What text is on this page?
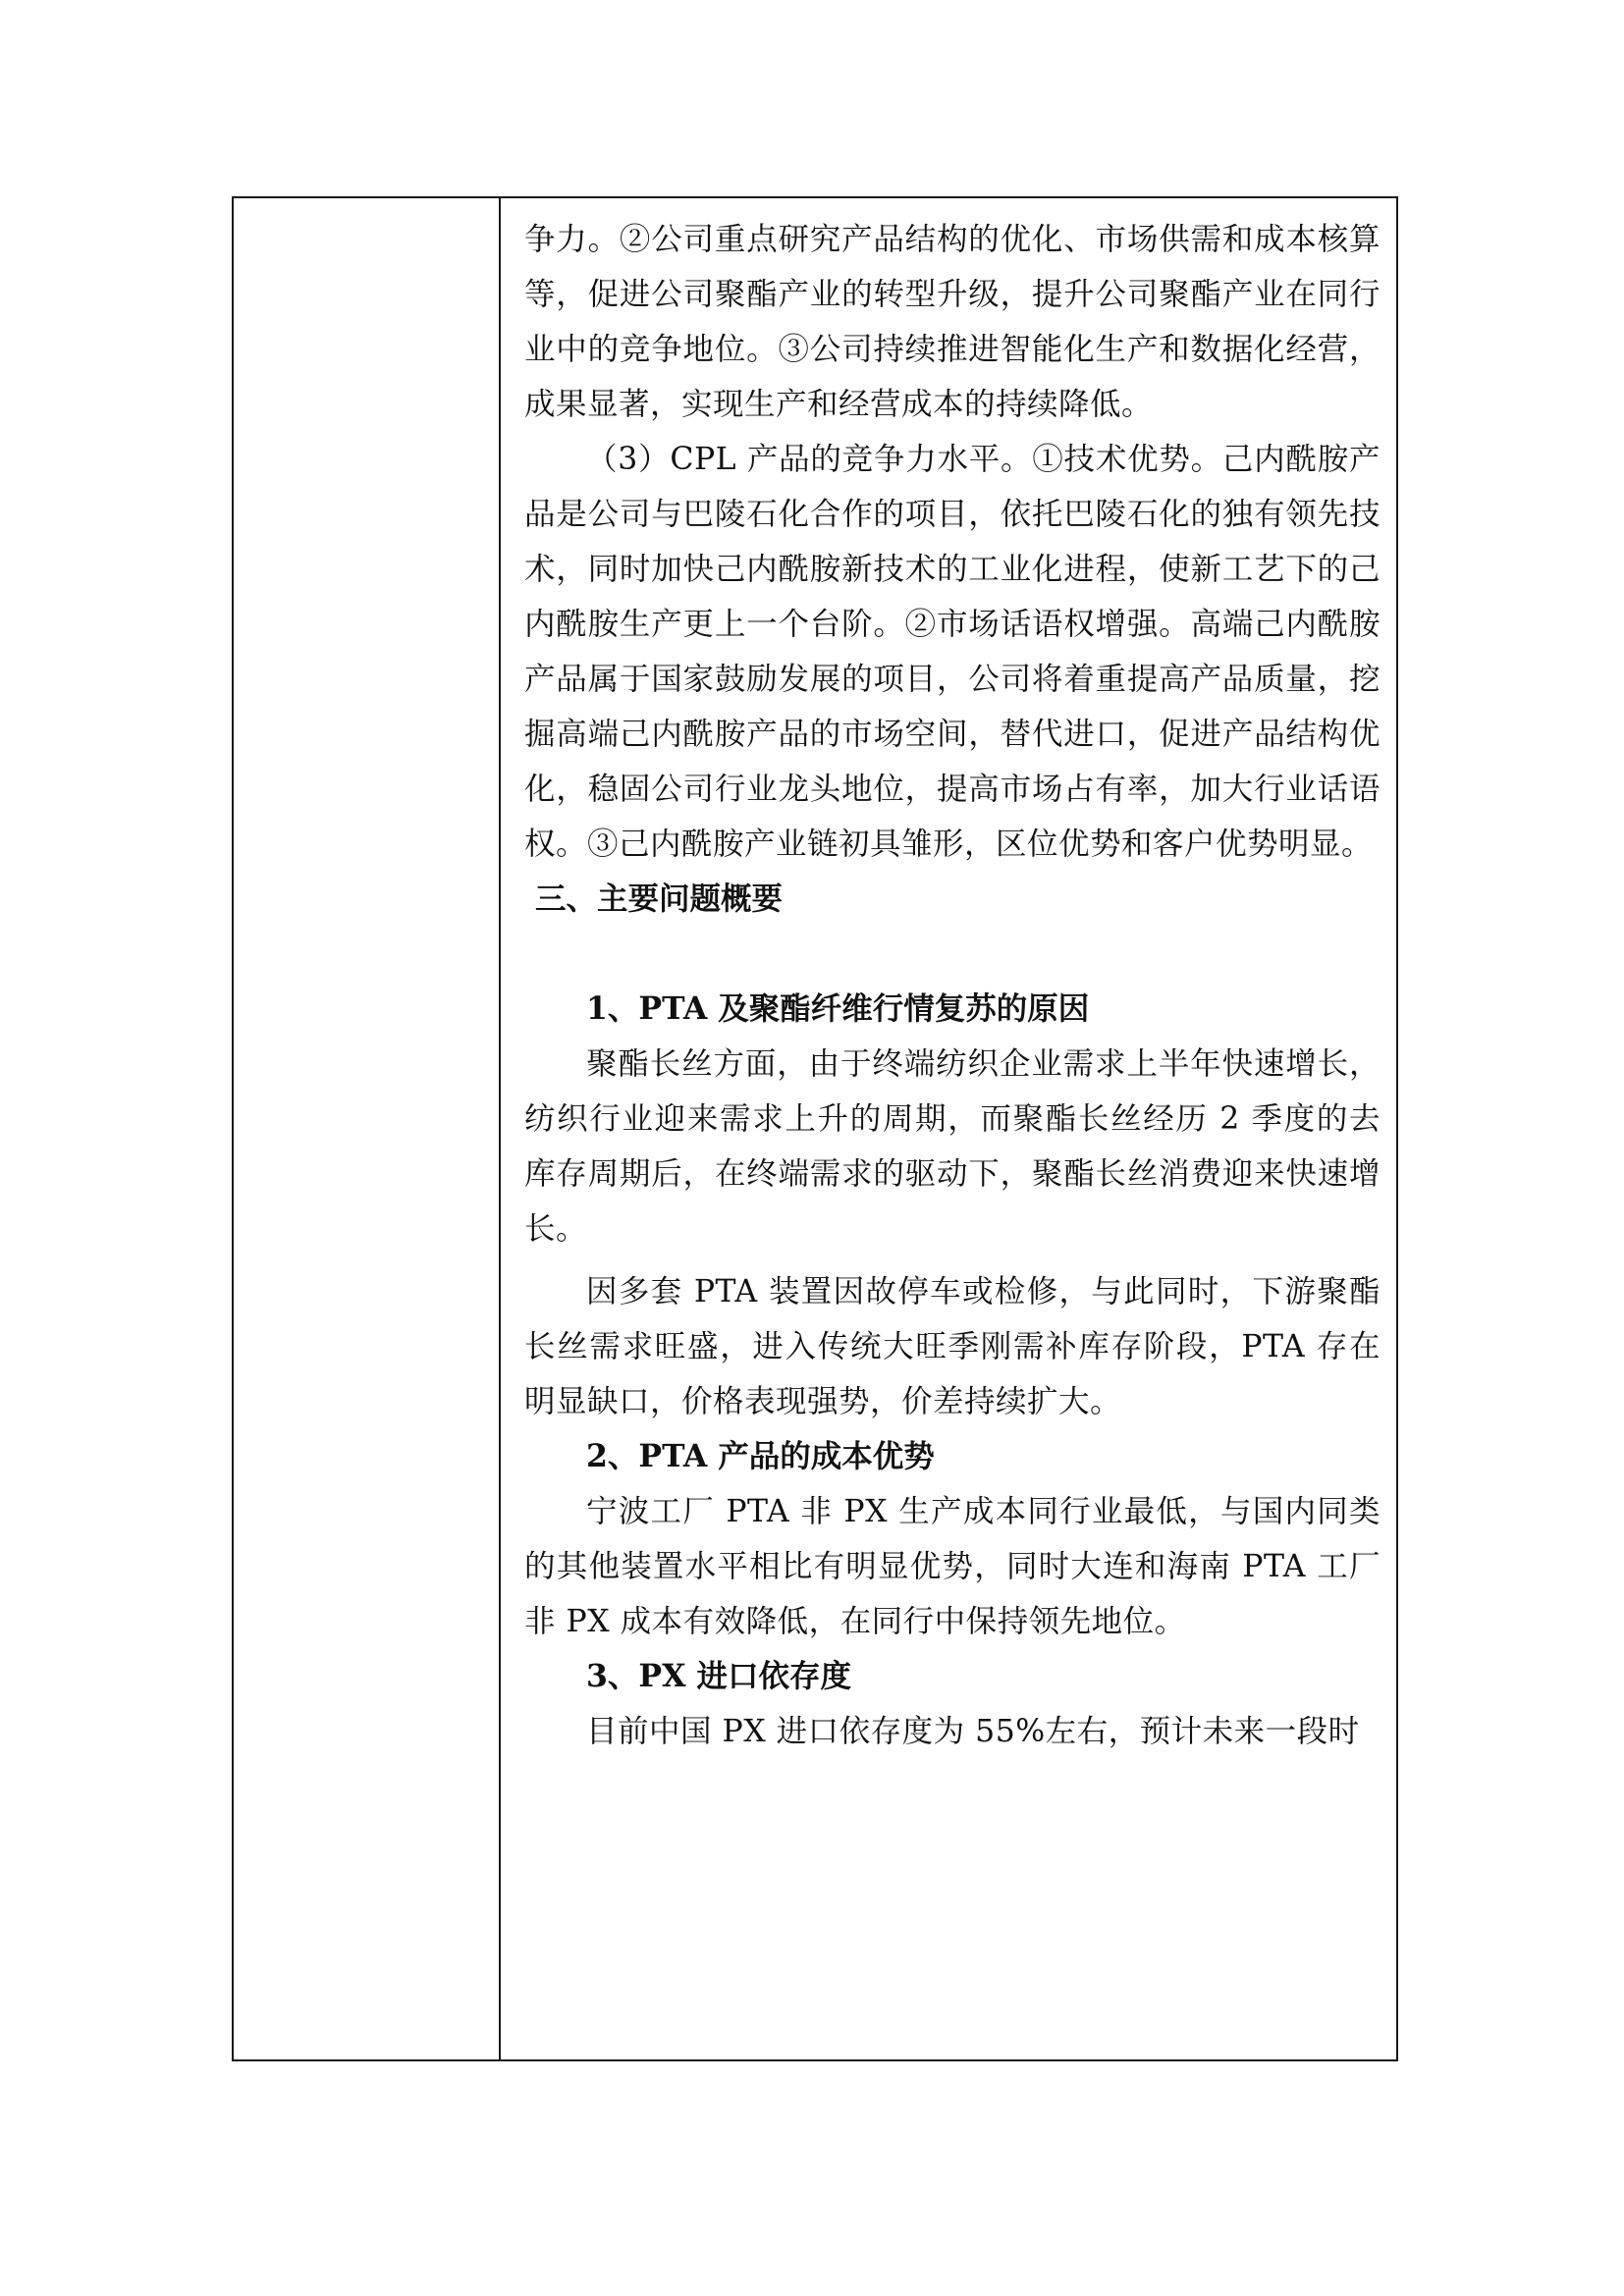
争力。②公司重点研究产品结构的优化、市场供需和成本核算等，促进公司聚酯产业的转型升级，提升公司聚酯产业在同行业中的竞争地位。③公司持续推进智能化生产和数据化经营，成果显著，实现生产和经营成本的持续降低。

（3）CPL 产品的竞争力水平。①技术优势。己内酰胺产品是公司与巴陵石化合作的项目，依托巴陵石化的独有领先技术，同时加快己内酰胺新技术的工业化进程，使新工艺下的己内酰胺生产更上一个台阶。②市场话语权增强。高端己内酰胺产品属于国家鼓励发展的项目，公司将着重提高产品质量，挖掘高端己内酰胺产品的市场空间，替代进口，促进产品结构优化，稳固公司行业龙头地位，提高市场占有率，加大行业话语权。③己内酰胺产业链初具雏形，区位优势和客户优势明显。

三、主要问题概要

1、PTA 及聚酯纤维行情复苏的原因

聚酯长丝方面，由于终端纺织企业需求上半年快速增长，纺织行业迎来需求上升的周期，而聚酯长丝经历 2 季度的去库存周期后，在终端需求的驱动下，聚酯长丝消费迎来快速增长。

因多套 PTA 装置因故停车或检修，与此同时，下游聚酯长丝需求旺盛，进入传统大旺季刚需补库存阶段，PTA 存在明显缺口，价格表现强势，价差持续扩大。

2、PTA 产品的成本优势

宁波工厂 PTA 非 PX 生产成本同行业最低，与国内同类的其他装置水平相比有明显优势，同时大连和海南 PTA 工厂非 PX 成本有效降低，在同行中保持领先地位。

3、PX 进口依存度

目前中国 PX 进口依存度为 55%左右，预计未来一段时
